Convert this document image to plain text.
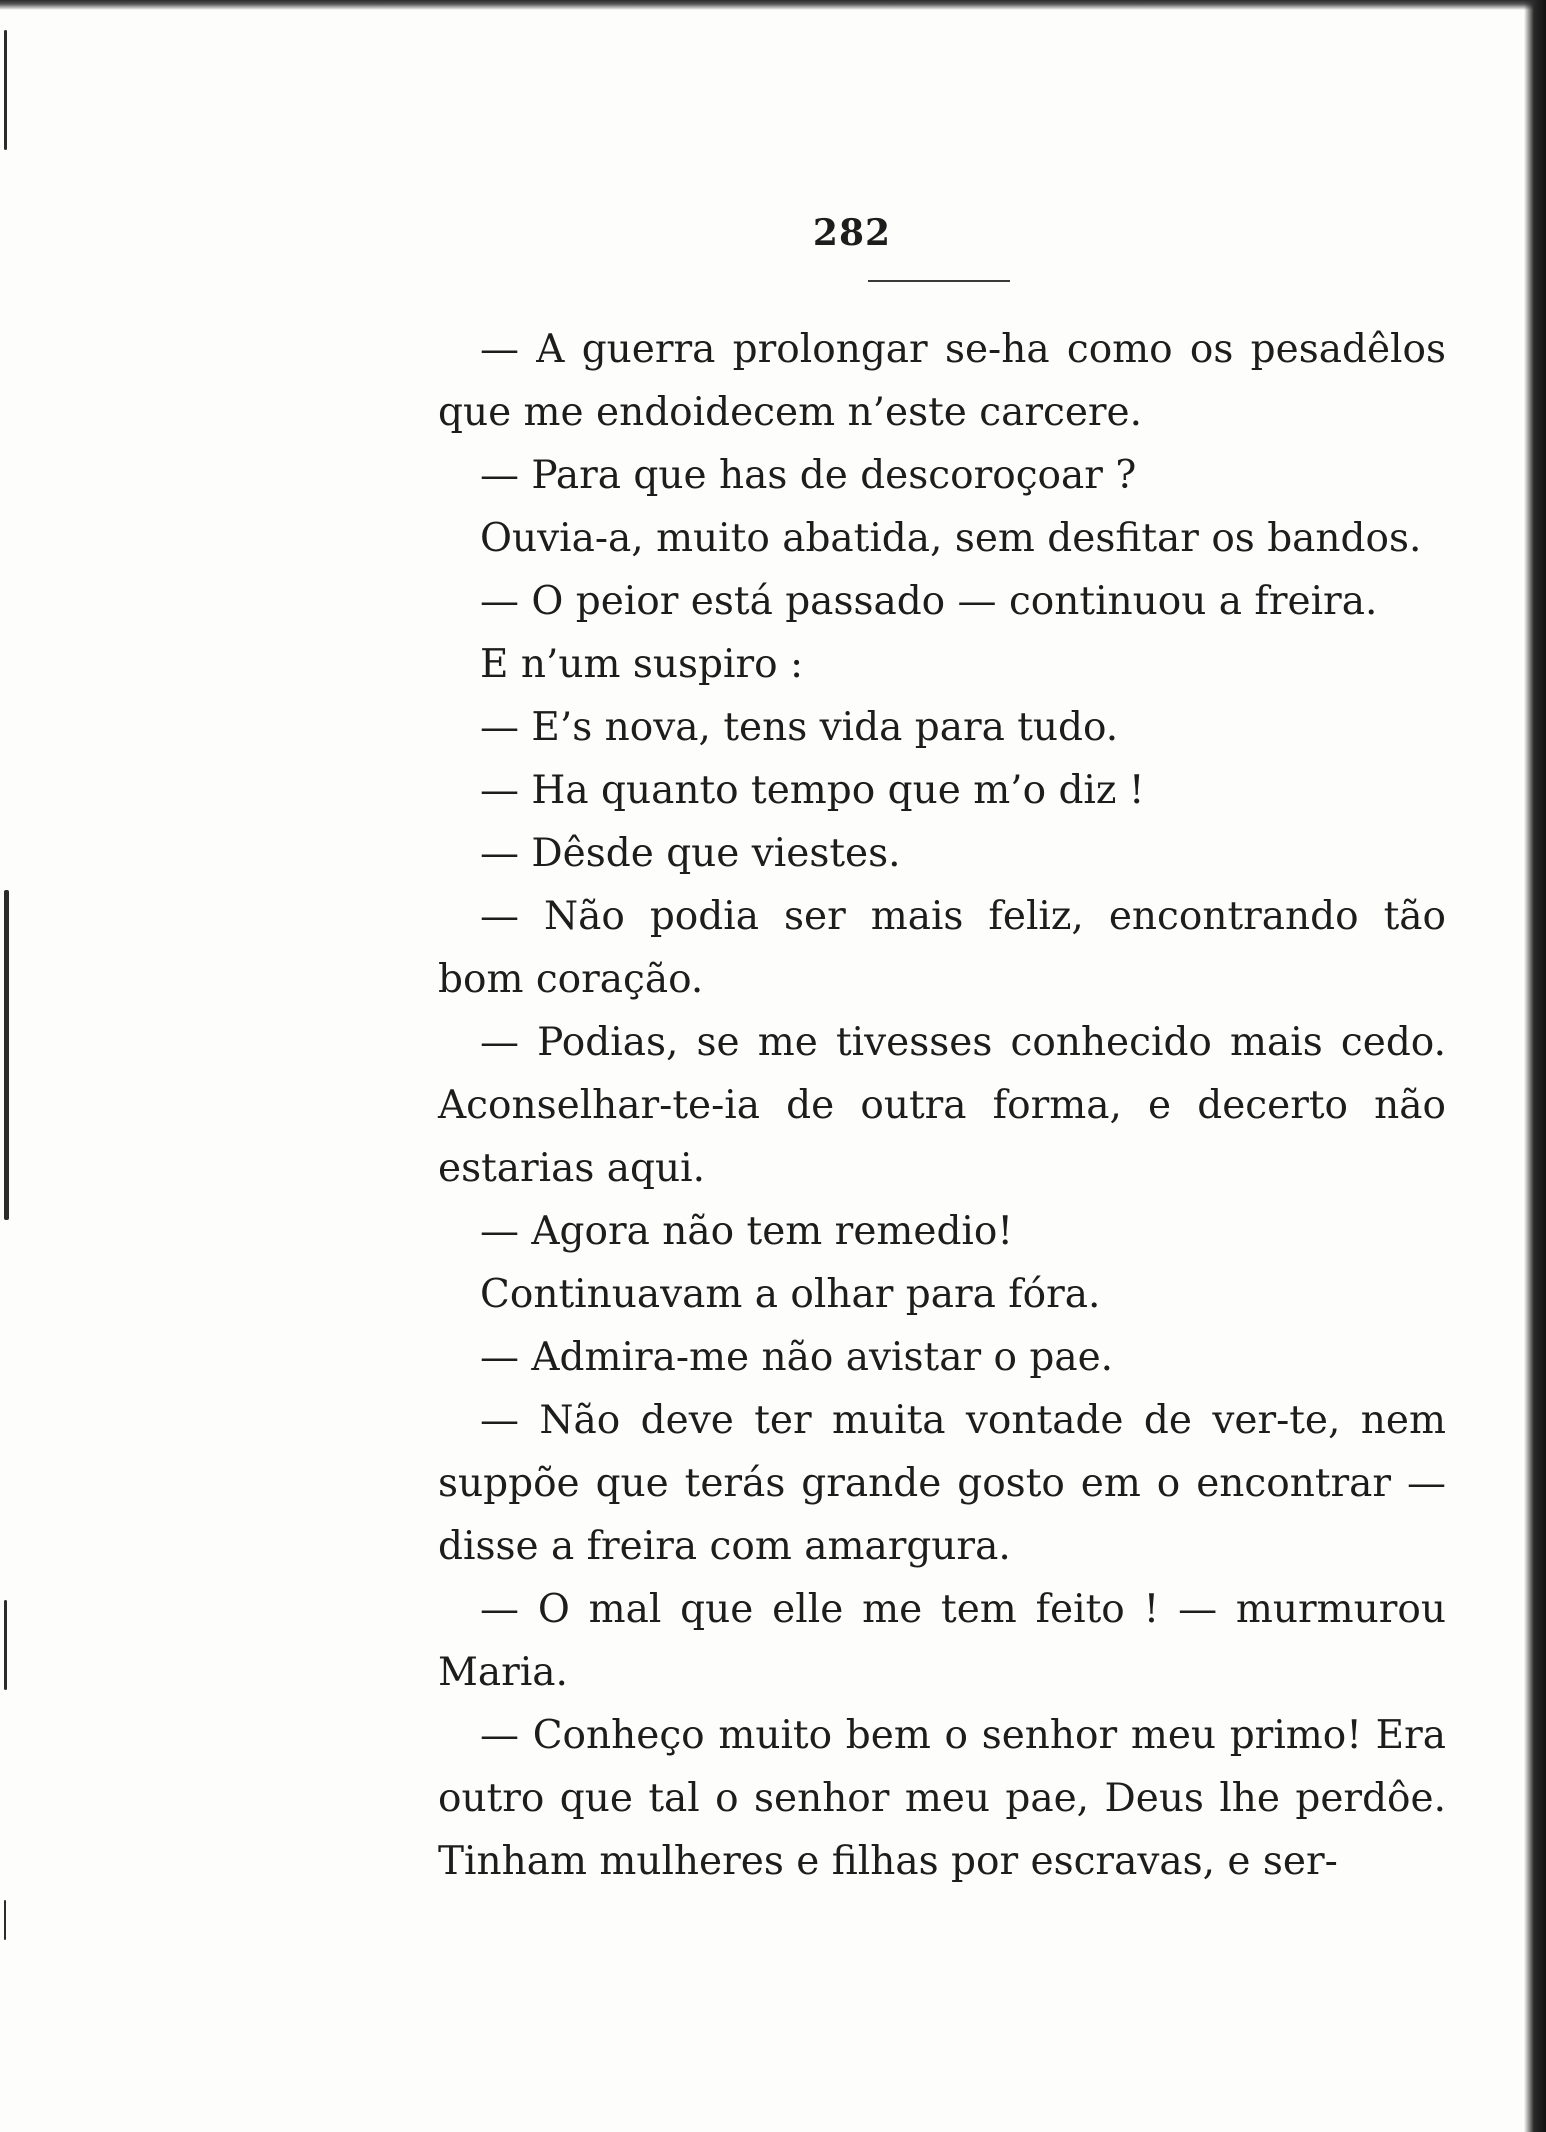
282

— A guerra prolongar se-ha como os pesadêlos que me endoidecem n’este carcere.

— Para que has de descoroçoar ?

Ouvia-a, muito abatida, sem desfitar os bandos.

— O peior está passado — continuou a freira.

E n’um suspiro :

— E’s nova, tens vida para tudo.

— Ha quanto tempo que m’o diz !

— Dêsde que viestes.

— Não podia ser mais feliz, encontrando tão bom coração.

— Podias, se me tivesses conhecido mais cedo. Aconselhar-te-ia de outra forma, e decerto não estarias aqui.

— Agora não tem remedio!

Continuavam a olhar para fóra.

— Admira-me não avistar o pae.

— Não deve ter muita vontade de ver-te, nem suppõe que terás grande gosto em o encontrar — disse a freira com amargura.

— O mal que elle me tem feito ! — murmurou Maria.

— Conheço muito bem o senhor meu primo! Era outro que tal o senhor meu pae, Deus lhe perdôe. Tinham mulheres e filhas por escravas, e ser-
